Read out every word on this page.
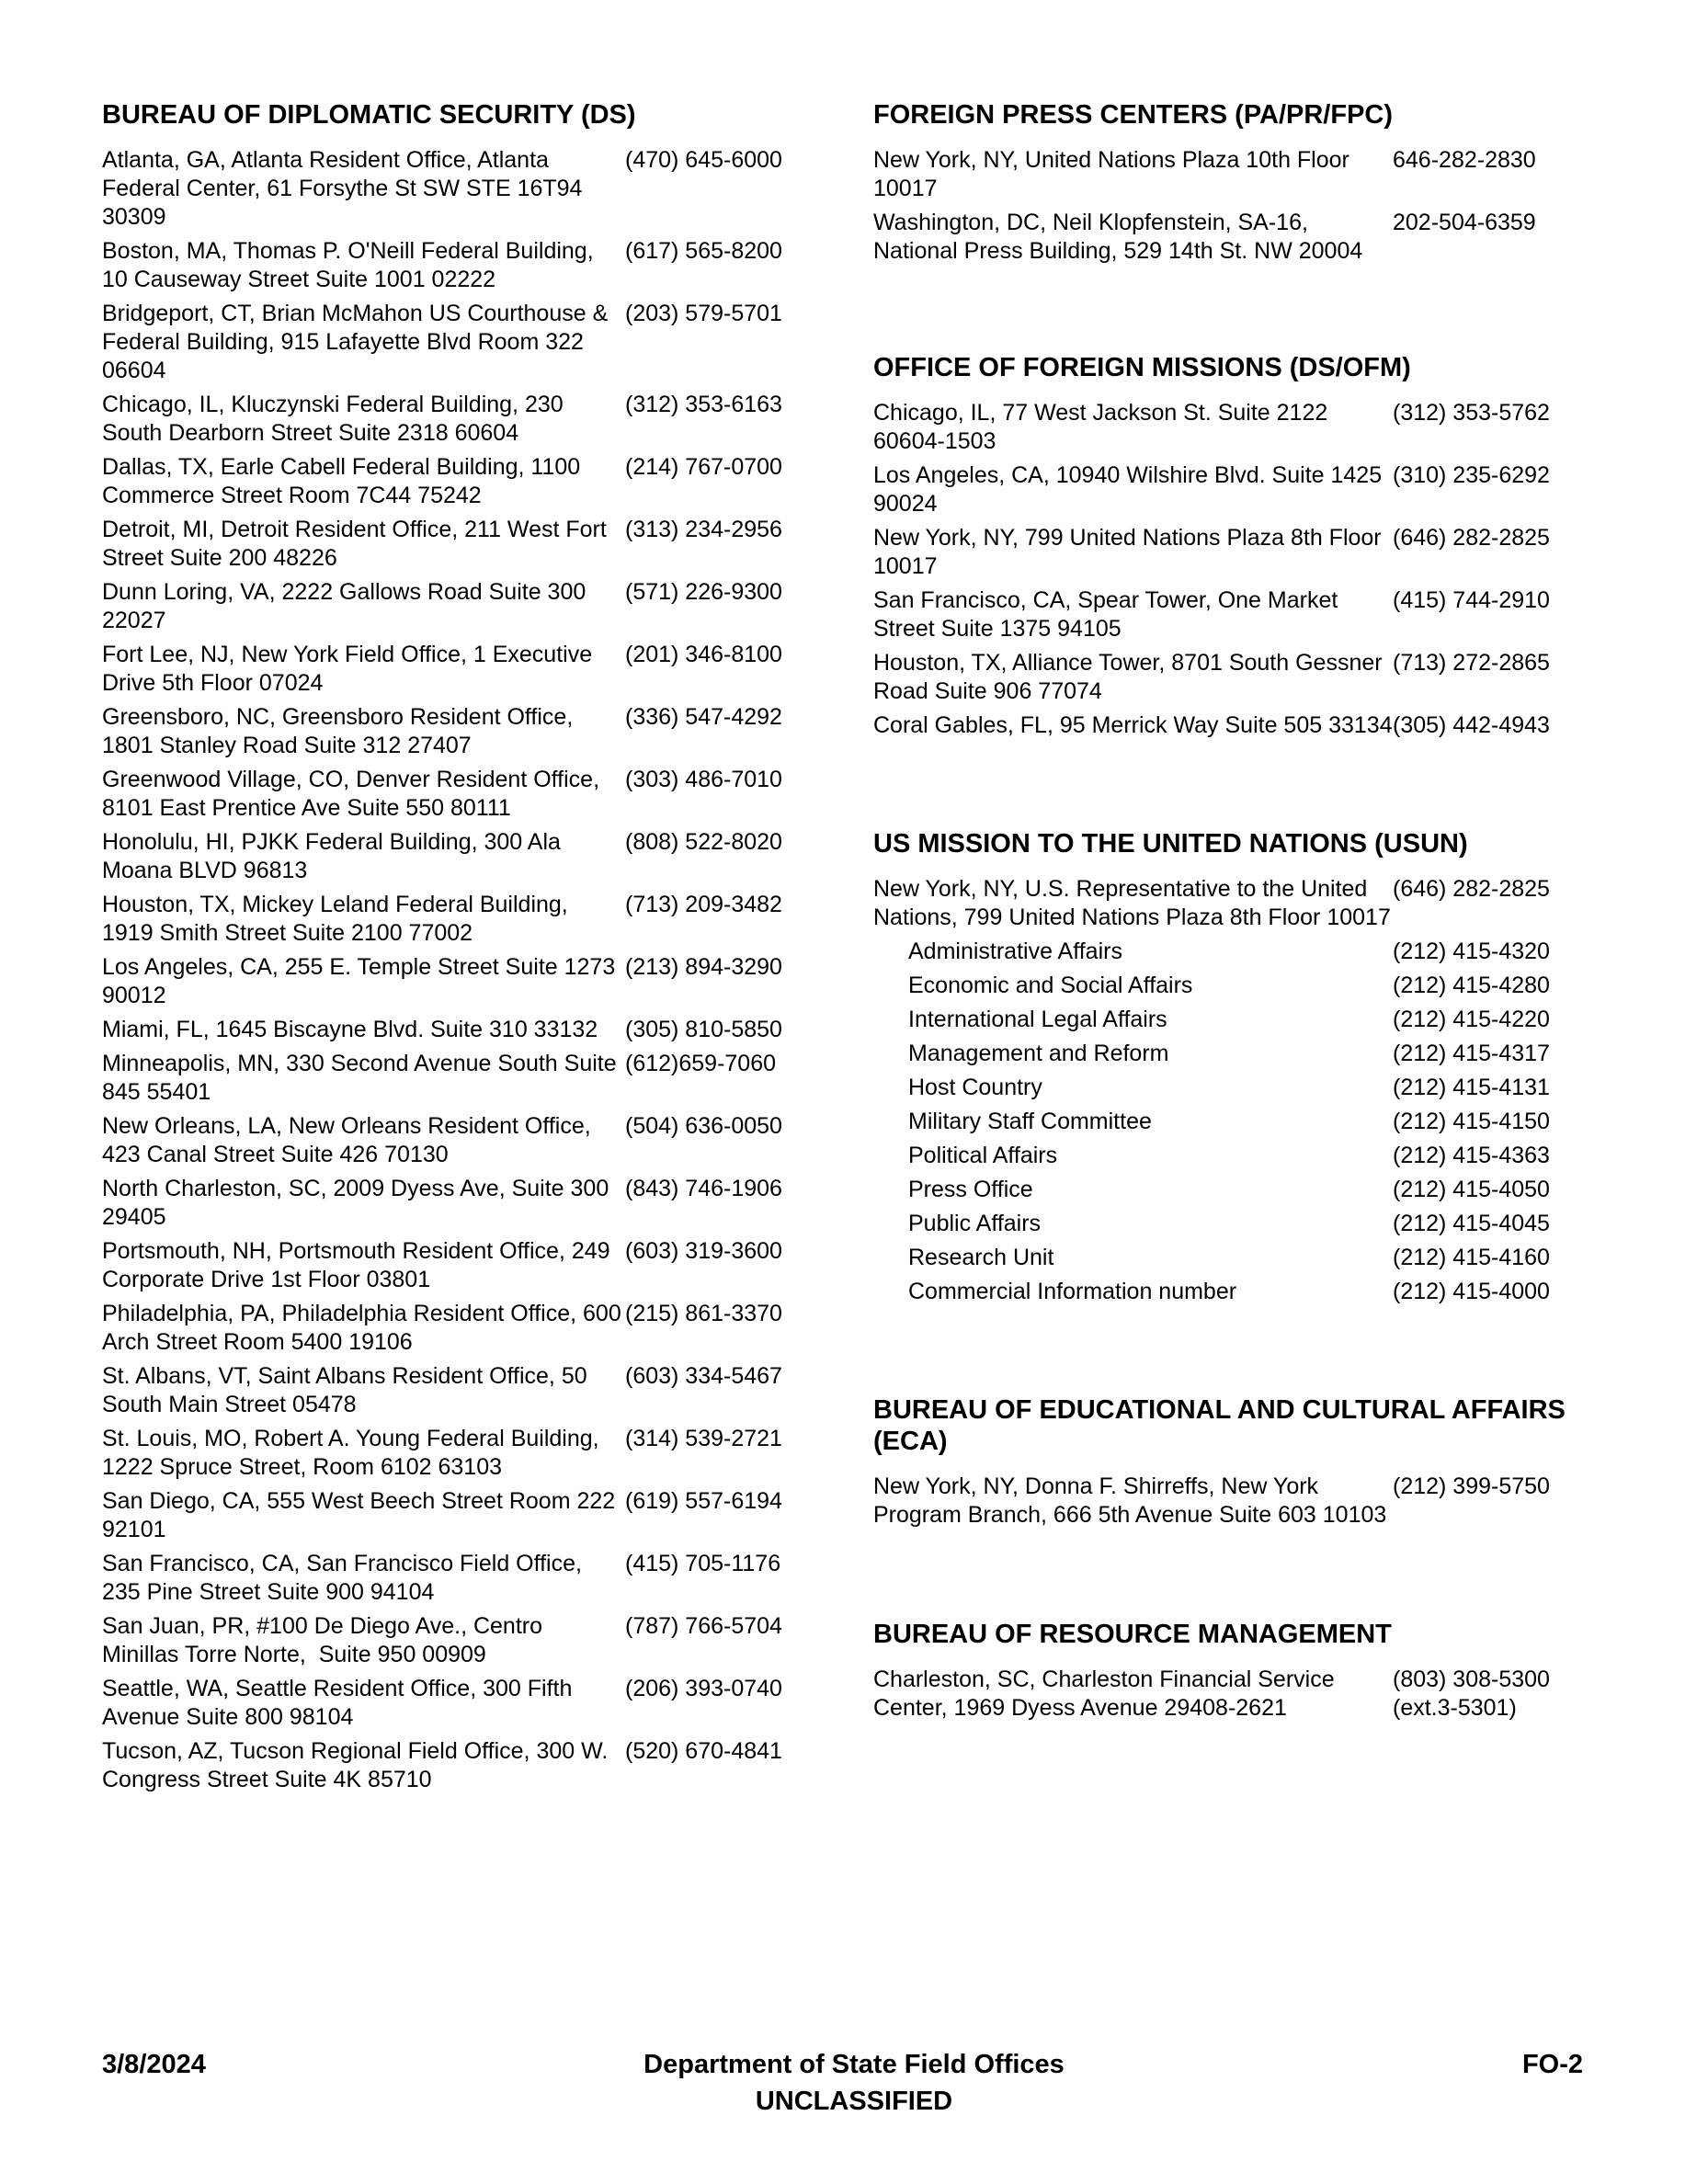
BUREAU OF DIPLOMATIC SECURITY (DS)
Atlanta, GA, Atlanta Resident Office, Atlanta Federal Center, 61 Forsythe St SW STE 16T94 30309
(470) 645-6000
Boston, MA, Thomas P. O'Neill Federal Building, 10 Causeway Street Suite 1001 02222
(617) 565-8200
Bridgeport, CT, Brian McMahon US Courthouse & Federal Building, 915 Lafayette Blvd Room 322 06604
(203) 579-5701
Chicago, IL, Kluczynski Federal Building, 230 South Dearborn Street Suite 2318 60604
(312) 353-6163
Dallas, TX, Earle Cabell Federal Building, 1100 Commerce Street Room 7C44 75242
(214) 767-0700
Detroit, MI, Detroit Resident Office, 211 West Fort Street Suite 200 48226
(313) 234-2956
Dunn Loring, VA, 2222 Gallows Road Suite 300 22027
(571) 226-9300
Fort Lee, NJ, New York Field Office, 1 Executive Drive 5th Floor 07024
(201) 346-8100
Greensboro, NC, Greensboro Resident Office, 1801 Stanley Road Suite 312 27407
(336) 547-4292
Greenwood Village, CO, Denver Resident Office, 8101 East Prentice Ave Suite 550 80111
(303) 486-7010
Honolulu, HI, PJKK Federal Building, 300 Ala Moana BLVD 96813
(808) 522-8020
Houston, TX, Mickey Leland Federal Building, 1919 Smith Street Suite 2100 77002
(713) 209-3482
Los Angeles, CA, 255 E. Temple Street Suite 1273 90012
(213) 894-3290
Miami, FL, 1645 Biscayne Blvd. Suite 310 33132	(305) 810-5850
Minneapolis, MN, 330 Second Avenue South Suite 845 55401
(612)659-7060
New Orleans, LA, New Orleans Resident Office, 423 Canal Street Suite 426 70130
(504) 636-0050
North Charleston, SC, 2009 Dyess Ave, Suite 300 29405
(843) 746-1906
Portsmouth, NH, Portsmouth Resident Office, 249 Corporate Drive 1st Floor 03801
(603) 319-3600
Philadelphia, PA, Philadelphia Resident Office, 600 Arch Street Room 5400 19106
(215) 861-3370
St. Albans, VT, Saint Albans Resident Office, 50 South Main Street 05478
(603) 334-5467
St. Louis, MO, Robert A. Young Federal Building, 1222 Spruce Street, Room 6102 63103
(314) 539-2721
San Diego, CA, 555 West Beech Street Room 222 92101
(619) 557-6194
San Francisco, CA, San Francisco Field Office, 235 Pine Street Suite 900 94104
(415) 705-1176
San Juan, PR, #100 De Diego Ave., Centro Minillas Torre Norte,  Suite 950 00909
(787) 766-5704
Seattle, WA, Seattle Resident Office, 300 Fifth Avenue Suite 800 98104
(206) 393-0740
Tucson, AZ, Tucson Regional Field Office, 300 W. Congress Street Suite 4K 85710
(520) 670-4841
FOREIGN PRESS CENTERS (PA/PR/FPC)
New York, NY, United Nations Plaza 10th Floor 10017
646-282-2830
Washington, DC, Neil Klopfenstein, SA-16, National Press Building, 529 14th St. NW 20004
202-504-6359
OFFICE OF FOREIGN MISSIONS (DS/OFM)
Chicago, IL, 77 West Jackson St. Suite 2122 60604-1503
(312) 353-5762
Los Angeles, CA, 10940 Wilshire Blvd. Suite 1425 90024
(310) 235-6292
New York, NY, 799 United Nations Plaza 8th Floor 10017
(646) 282-2825
San Francisco, CA, Spear Tower, One Market Street Suite 1375 94105
(415) 744-2910
Houston, TX, Alliance Tower, 8701 South Gessner Road Suite 906 77074
(713) 272-2865
Coral Gables, FL, 95 Merrick Way Suite 505 33134 (305) 442-4943
US MISSION TO THE UNITED NATIONS (USUN)
New York, NY, U.S. Representative to the United Nations, 799 United Nations Plaza 8th Floor 10017
(646) 282-2825
Administrative Affairs	(212) 415-4320
Economic and Social Affairs	(212) 415-4280
International Legal Affairs	(212) 415-4220
Management and Reform	(212) 415-4317
Host Country	(212) 415-4131
Military Staff Committee	(212) 415-4150
Political Affairs	(212) 415-4363
Press Office	(212) 415-4050
Public Affairs	(212) 415-4045
Research Unit	(212) 415-4160
Commercial Information number	(212) 415-4000
BUREAU OF EDUCATIONAL AND CULTURAL AFFAIRS (ECA)
New York, NY, Donna F. Shirreffs, New York Program Branch, 666 5th Avenue Suite 603 10103
(212) 399-5750
BUREAU OF RESOURCE MANAGEMENT
Charleston, SC, Charleston Financial Service Center, 1969 Dyess Avenue 29408-2621
(803) 308-5300
(ext.3-5301)
3/8/2024	Department of State Field Offices
UNCLASSIFIED
FO-2
